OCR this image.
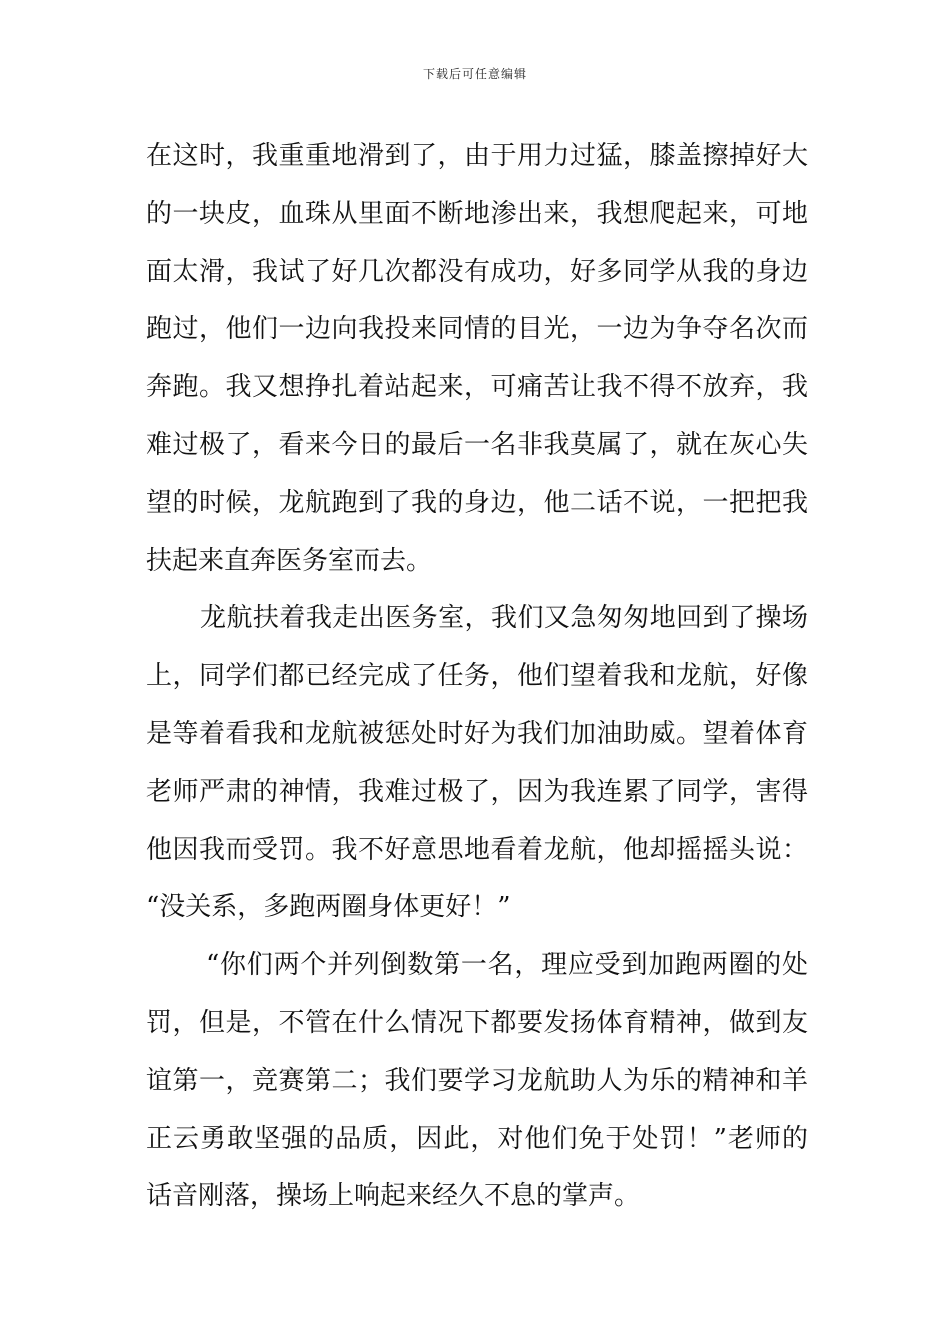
下载后可任意编辑
在这时，我重重地滑到了，由于用力过猛，膝盖擦掉好大
的一块皮，血珠从里面不断地渗出来，我想爬起来，可地
面太滑，我试了好几次都没有成功，好多同学从我的身边
跑过，他们一边向我投来同情的目光，一边为争夺名次而
奔跑。我又想挣扎着站起来，可痛苦让我不得不放弃，我
难过极了，看来今日的最后一名非我莫属了，就在灰心失
望的时候，龙航跑到了我的身边，他二话不说，一把把我
扶起来直奔医务室而去。
龙航扶着我走出医务室，我们又急匆匆地回到了操场
上，同学们都已经完成了任务，他们望着我和龙航，好像
是等着看我和龙航被惩处时好为我们加油助威。望着体育
老师严肃的神情，我难过极了，因为我连累了同学，害得
他因我而受罚。我不好意思地看着龙航，他却摇摇头说：
“没关系，多跑两圈身体更好！”
“你们两个并列倒数第一名，理应受到加跑两圈的处
罚，但是，不管在什么情况下都要发扬体育精神，做到友
谊第一，竞赛第二；我们要学习龙航助人为乐的精神和羊
正云勇敢坚强的品质，因此，对他们免于处罚！”老师的
话音刚落，操场上响起来经久不息的掌声。
